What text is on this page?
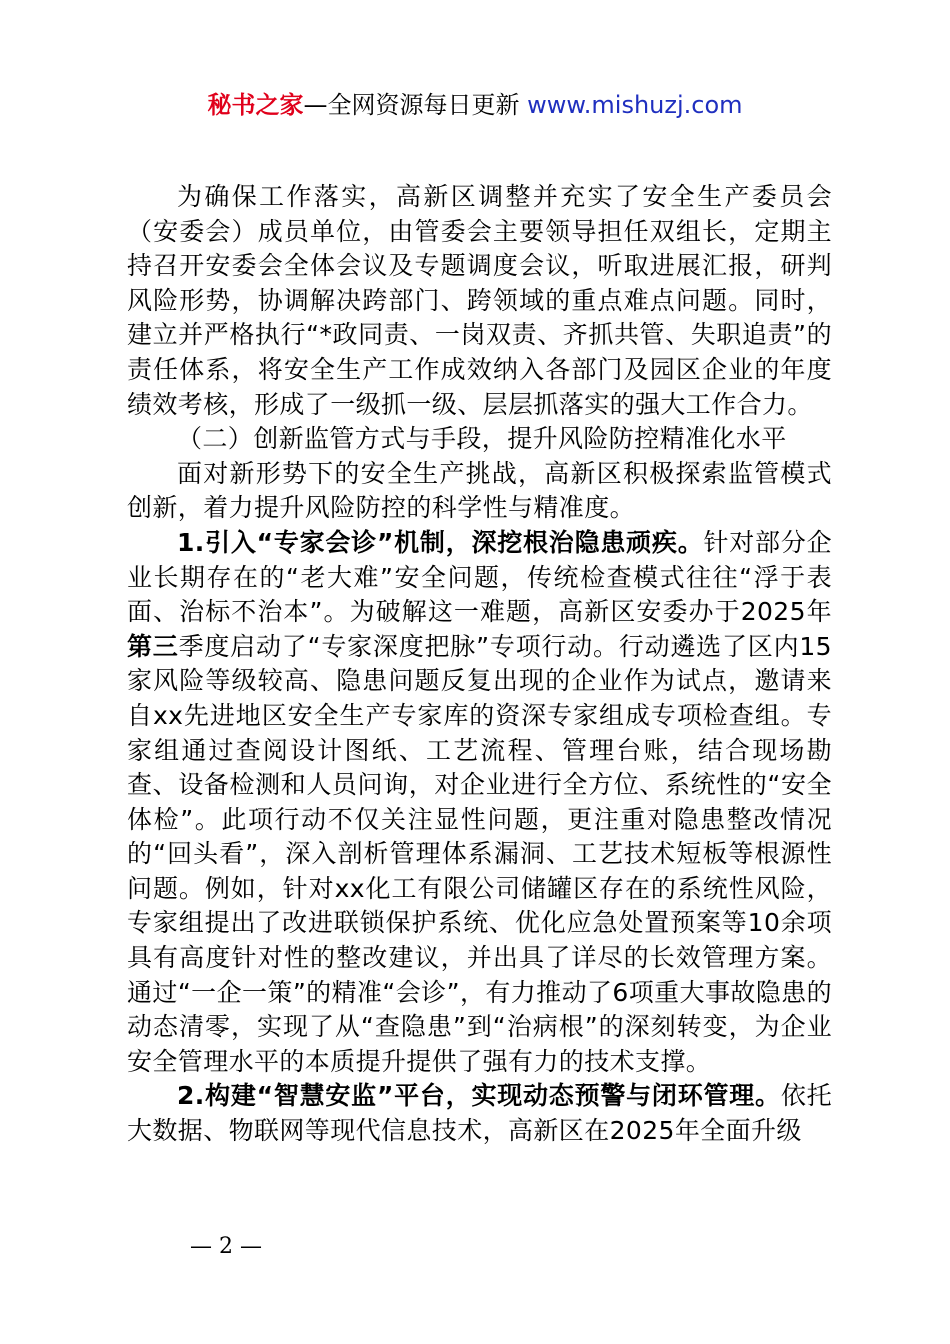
秘书之家—全网资源每日更新 www.mishuzj.com

为确保工作落实，高新区调整并充实了安全生产委员会（安委会）成员单位，由管委会主要领导担任双组长，定期主持召开安委会全体会议及专题调度会议，听取进展汇报，研判风险形势，协调解决跨部门、跨领域的重点难点问题。同时，建立并严格执行“*政同责、一岗双责、齐抓共管、失职追责”的责任体系，将安全生产工作成效纳入各部门及园区企业的年度绩效考核，形成了一级抓一级、层层抓落实的强大工作合力。

（二）创新监管方式与手段，提升风险防控精准化水平

面对新形势下的安全生产挑战，高新区积极探索监管模式创新，着力提升风险防控的科学性与精准度。

1.引入“专家会诊”机制，深挖根治隐患顽疾。针对部分企业长期存在的“老大难”安全问题，传统检查模式往往“浮于表面、治标不治本”。为破解这一难题，高新区安委办于2025年第三季度启动了“专家深度把脉”专项行动。行动遴选了区内15家风险等级较高、隐患问题反复出现的企业作为试点，邀请来自xx先进地区安全生产专家库的资深专家组成专项检查组。专家组通过查阅设计图纸、工艺流程、管理台账，结合现场勘查、设备检测和人员问询，对企业进行全方位、系统性的“安全体检”。此项行动不仅关注显性问题，更注重对隐患整改情况的“回头看”，深入剖析管理体系漏洞、工艺技术短板等根源性问题。例如，针对xx化工有限公司储罐区存在的系统性风险，专家组提出了改进联锁保护系统、优化应急处置预案等10余项具有高度针对性的整改建议，并出具了详尽的长效管理方案。通过“一企一策”的精准“会诊”，有力推动了6项重大事故隐患的动态清零，实现了从“查隐患”到“治病根”的深刻转变，为企业安全管理水平的本质提升提供了强有力的技术支撑。

2.构建“智慧安监”平台，实现动态预警与闭环管理。依托大数据、物联网等现代信息技术，高新区在2025年全面升级

— 2 —
